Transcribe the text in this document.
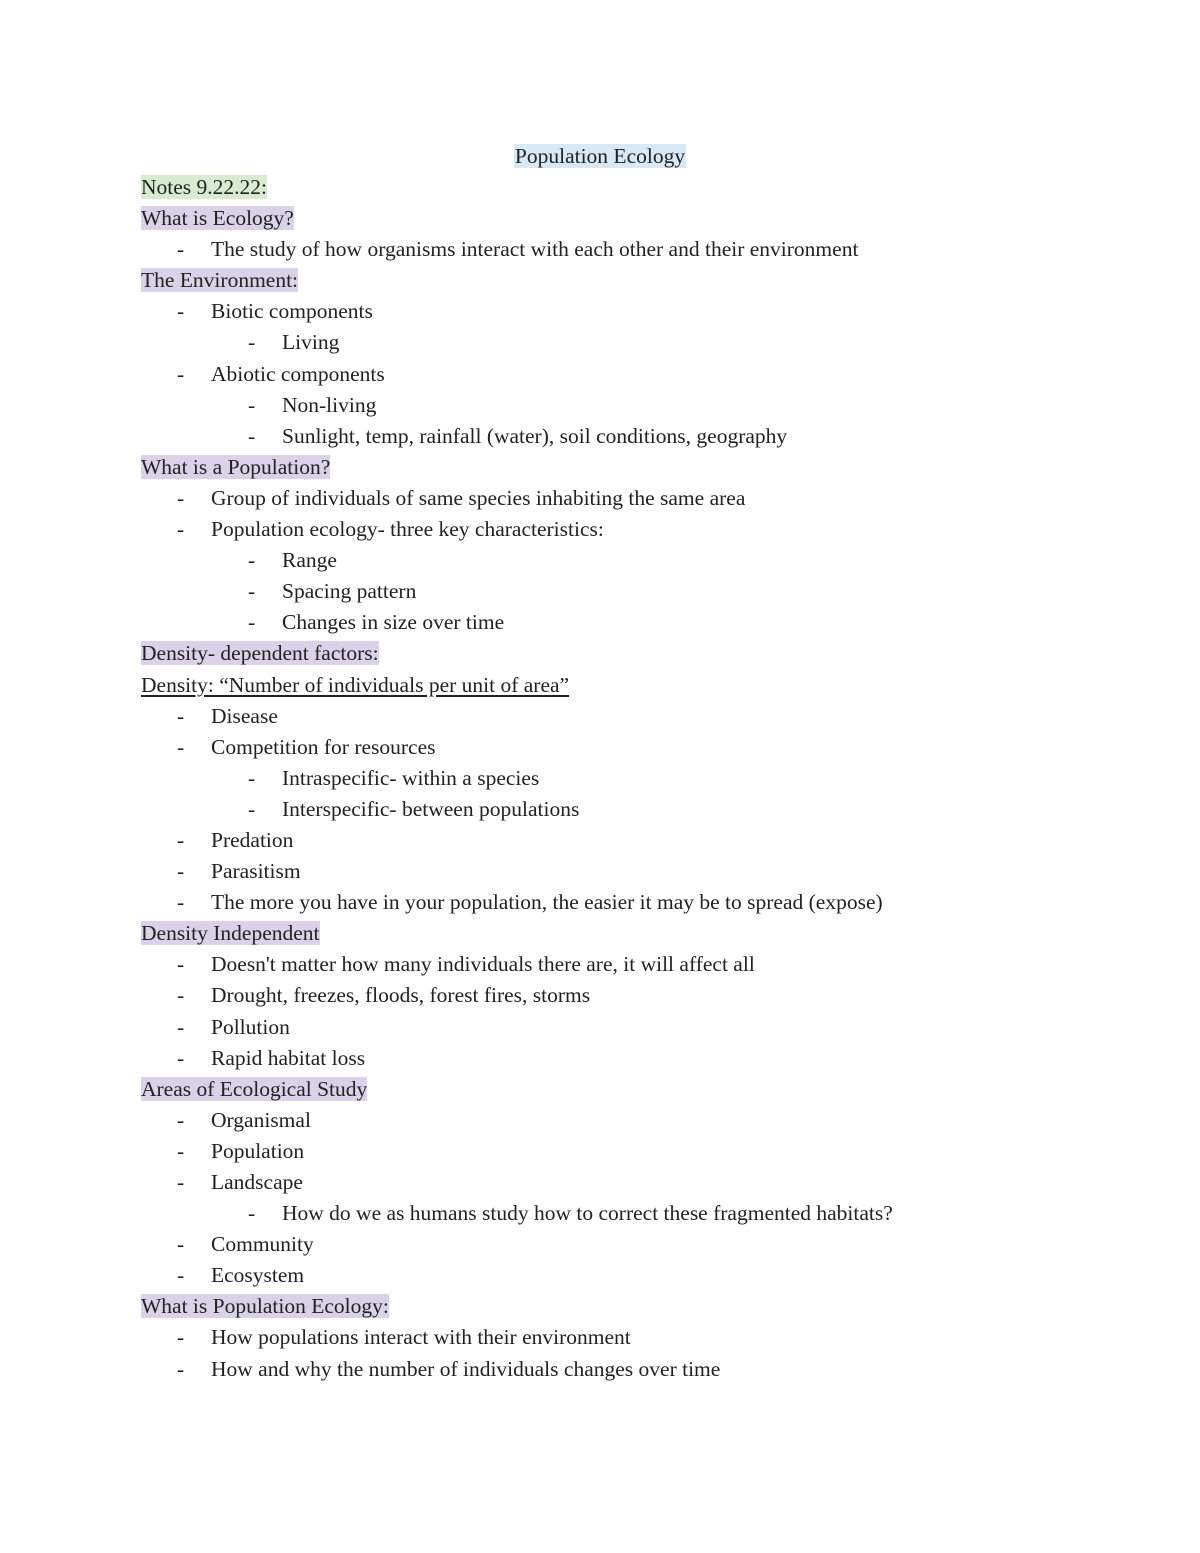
Population Ecology
Notes 9.22.22:
What is Ecology?
- The study of how organisms interact with each other and their environment
The Environment:
- Biotic components
- Living
- Abiotic components
- Non-living
- Sunlight, temp, rainfall (water), soil conditions, geography
What is a Population?
- Group of individuals of same species inhabiting the same area
- Population ecology- three key characteristics:
- Range
- Spacing pattern
- Changes in size over time
Density- dependent factors:
Density: “Number of individuals per unit of area”
- Disease
- Competition for resources
- Intraspecific- within a species
- Interspecific- between populations
- Predation
- Parasitism
- The more you have in your population, the easier it may be to spread (expose)
Density Independent
- Doesn't matter how many individuals there are, it will affect all
- Drought, freezes, floods, forest fires, storms
- Pollution
- Rapid habitat loss
Areas of Ecological Study
- Organismal
- Population
- Landscape
- How do we as humans study how to correct these fragmented habitats?
- Community
- Ecosystem
What is Population Ecology:
- How populations interact with their environment
- How and why the number of individuals changes over time
